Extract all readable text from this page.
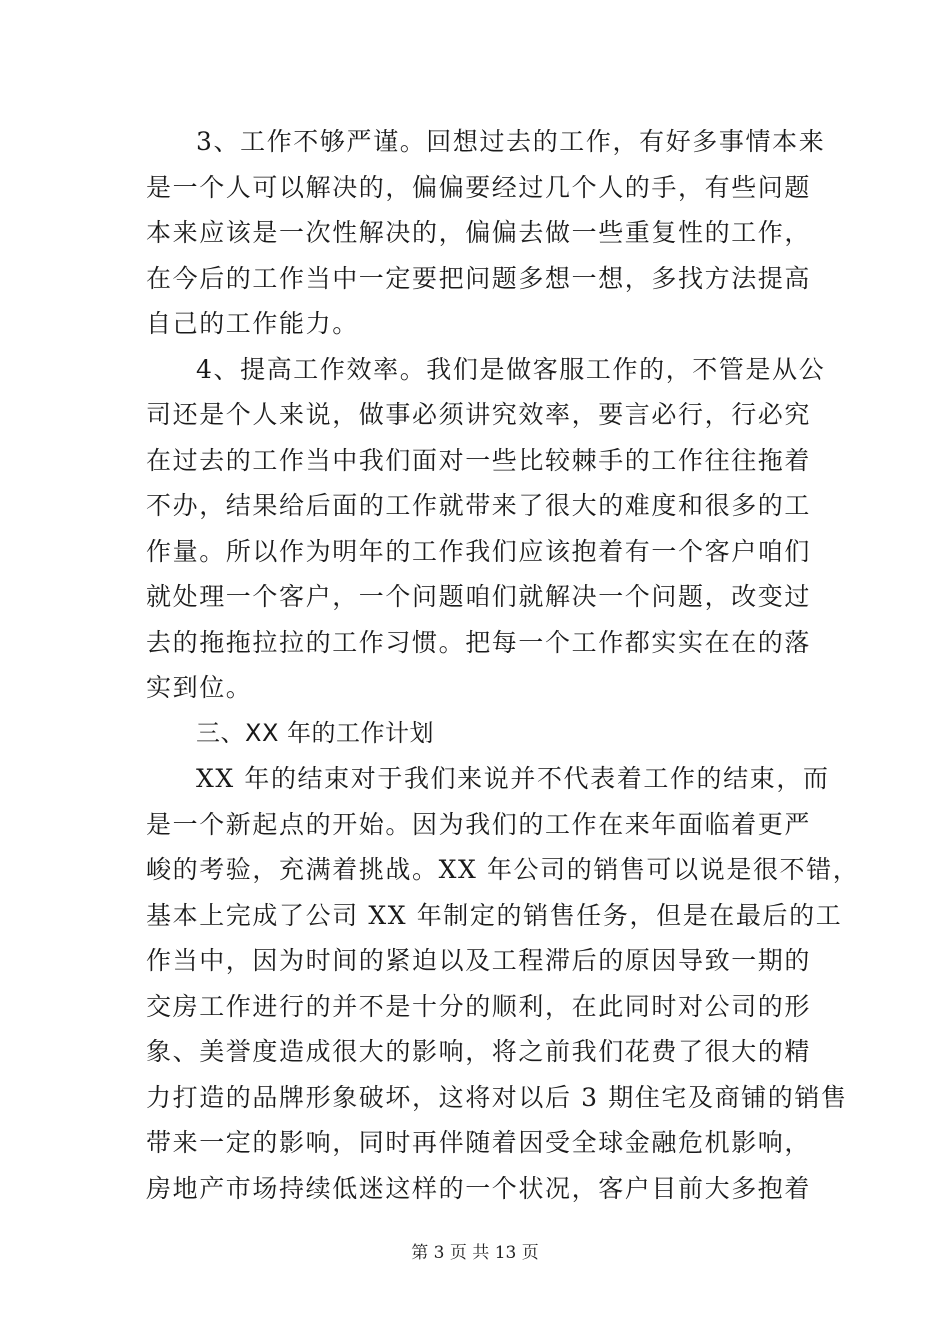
3、工作不够严谨。回想过去的工作，有好多事情本来
是一个人可以解决的，偏偏要经过几个人的手，有些问题
本来应该是一次性解决的，偏偏去做一些重复性的工作，
在今后的工作当中一定要把问题多想一想，多找方法提高
自己的工作能力。
4、提高工作效率。我们是做客服工作的，不管是从公
司还是个人来说，做事必须讲究效率，要言必行，行必究
在过去的工作当中我们面对一些比较棘手的工作往往拖着
不办，结果给后面的工作就带来了很大的难度和很多的工
作量。所以作为明年的工作我们应该抱着有一个客户咱们
就处理一个客户，一个问题咱们就解决一个问题，改变过
去的拖拖拉拉的工作习惯。把每一个工作都实实在在的落
实到位。
三、XX 年的工作计划
XX 年的结束对于我们来说并不代表着工作的结束，而
是一个新起点的开始。因为我们的工作在来年面临着更严
峻的考验，充满着挑战。XX 年公司的销售可以说是很不错，
基本上完成了公司 XX 年制定的销售任务，但是在最后的工
作当中，因为时间的紧迫以及工程滞后的原因导致一期的
交房工作进行的并不是十分的顺利，在此同时对公司的形
象、美誉度造成很大的影响，将之前我们花费了很大的精
力打造的品牌形象破坏，这将对以后 3 期住宅及商铺的销售
带来一定的影响，同时再伴随着因受全球金融危机影响，
房地产市场持续低迷这样的一个状况，客户目前大多抱着
第 3 页 共 13 页
